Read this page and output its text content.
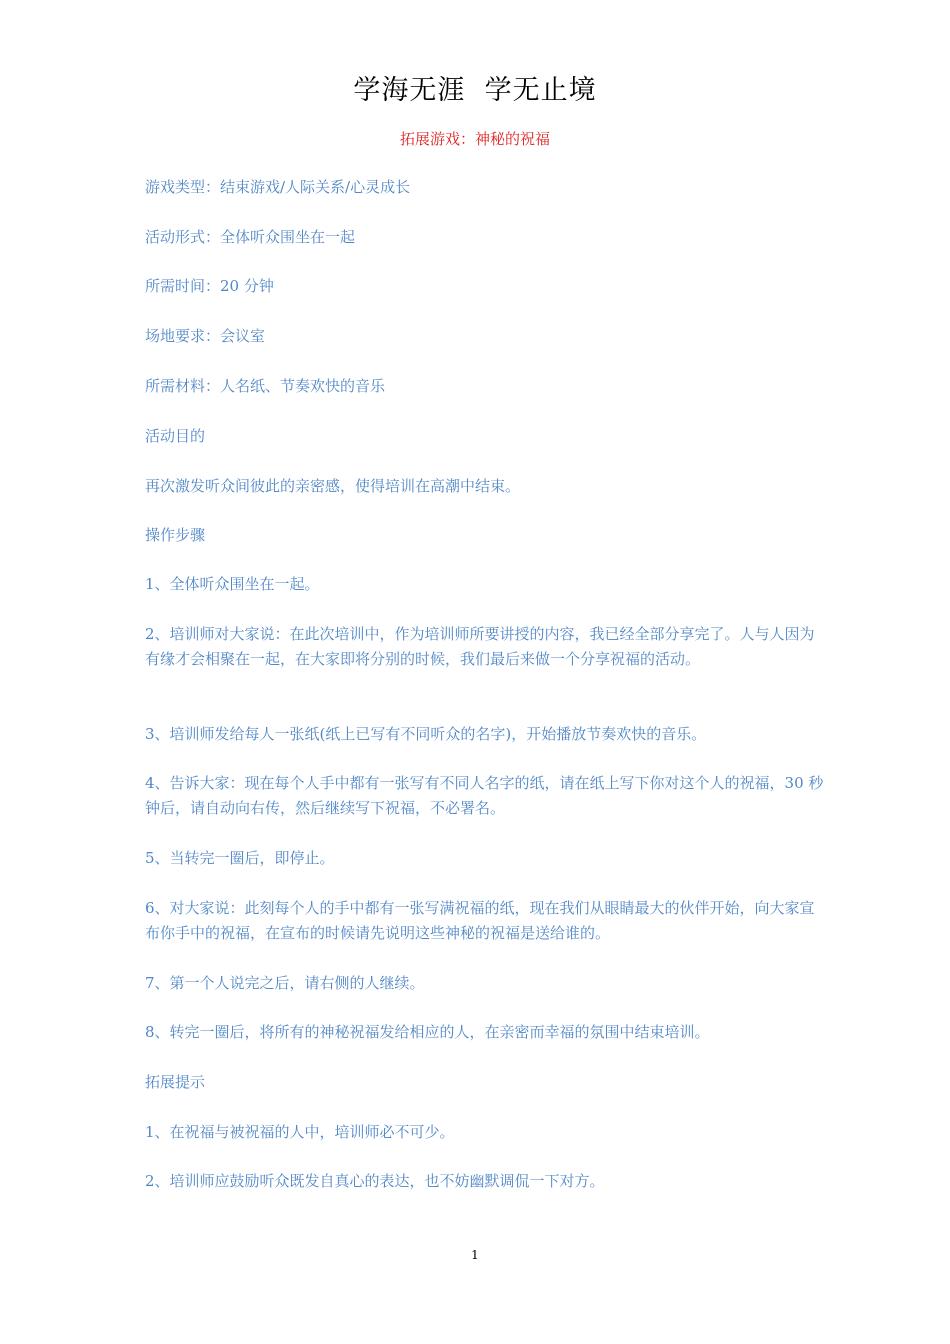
学海无涯  学无止境
拓展游戏：神秘的祝福
游戏类型：结束游戏/人际关系/心灵成长
活动形式：全体听众围坐在一起
所需时间：20 分钟
场地要求：会议室
所需材料：人名纸、节奏欢快的音乐
活动目的
再次激发听众间彼此的亲密感，使得培训在高潮中结束。
操作步骤
1、全体听众围坐在一起。
2、培训师对大家说：在此次培训中，作为培训师所要讲授的内容，我已经全部分享完了。人与人因为有缘才会相聚在一起，在大家即将分别的时候，我们最后来做一个分享祝福的活动。
3、培训师发给每人一张纸(纸上已写有不同听众的名字)，开始播放节奏欢快的音乐。
4、告诉大家：现在每个人手中都有一张写有不同人名字的纸，请在纸上写下你对这个人的祝福，30 秒钟后，请自动向右传，然后继续写下祝福，不必署名。
5、当转完一圈后，即停止。
6、对大家说：此刻每个人的手中都有一张写满祝福的纸，现在我们从眼睛最大的伙伴开始，向大家宣布你手中的祝福，在宣布的时候请先说明这些神秘的祝福是送给谁的。
7、第一个人说完之后，请右侧的人继续。
8、转完一圈后，将所有的神秘祝福发给相应的人，在亲密而幸福的氛围中结束培训。
拓展提示
1、在祝福与被祝福的人中，培训师必不可少。
2、培训师应鼓励听众既发自真心的表达，也不妨幽默调侃一下对方。
1
